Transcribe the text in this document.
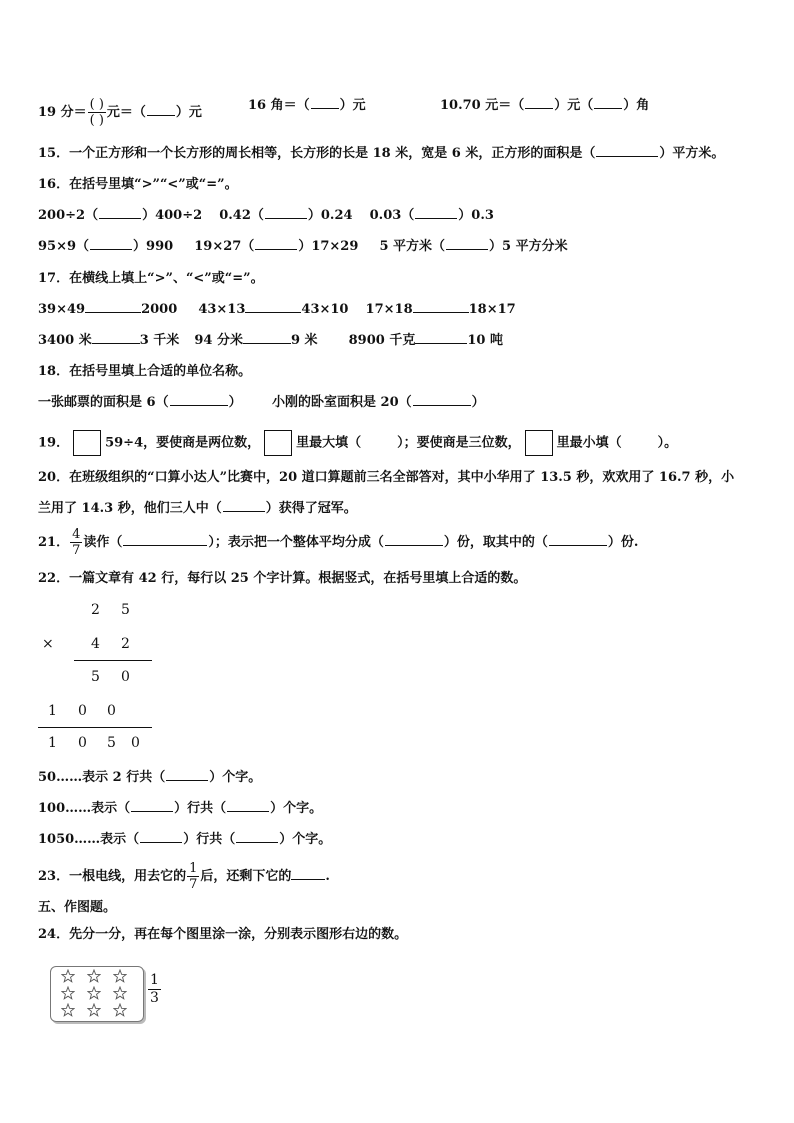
19 分＝ $\frac{( )}{( )}$ 元＝（ ）元	16 角＝（ ）元	10.70 元＝（ ）元（ ）角
15．一个正方形和一个长方形的周长相等，长方形的长是 18 米，宽是 6 米，正方形的面积是（	）平方米。
16．在括号里填“>”“<”或“=”。
200÷2（	）400÷2 0.42（	）0.24 0.03（	）0.3
95×9（	）990 19×27（	）17×29 5 平方米（	）5 平方分米
17．在横线上填上“>”、“<”或“=”。
39×49	2000 43×13	43×10 17×18	18×17
3400 米	3 千米 94 分米	9 米 8900 千克	10 吨
18．在括号里填上合适的单位名称。
一张邮票的面积是 6（	） 小刚的卧室面积是 20（	）
19．	59÷4，要使商是两位数，	里最大填（	）；要使商是三位数，	里最小填（	）。
20．在班级组织的“口算小达人”比赛中，20 道口算题前三名全部答对，其中小华用了 13.5 秒，欢欢用了 16.7 秒，小
兰用了 14.3 秒，他们三人中（	）获得了冠军。
21． $\frac{4}{7}$ 读作（	）；表示把一个整体平均分成（	）份，取其中的（	）份.
22．一篇文章有 42 行，每行以 25 个字计算。根据竖式，在括号里填上合适的数。
2 5
×	4 2
5 0
1 0 0
1 0 5 0
50……表示 2 行共（	）个字。
100……表示（	）行共（	）个字。
1050……表示（	）行共（	）个字。
23．一根电线，用去它的 $\frac{1}{7}$ 后，还剩下它的	.
五、作图题。
24．先分一分，再在每个图里涂一涂，分别表示图形右边的数。
$\frac{1}{3}$
